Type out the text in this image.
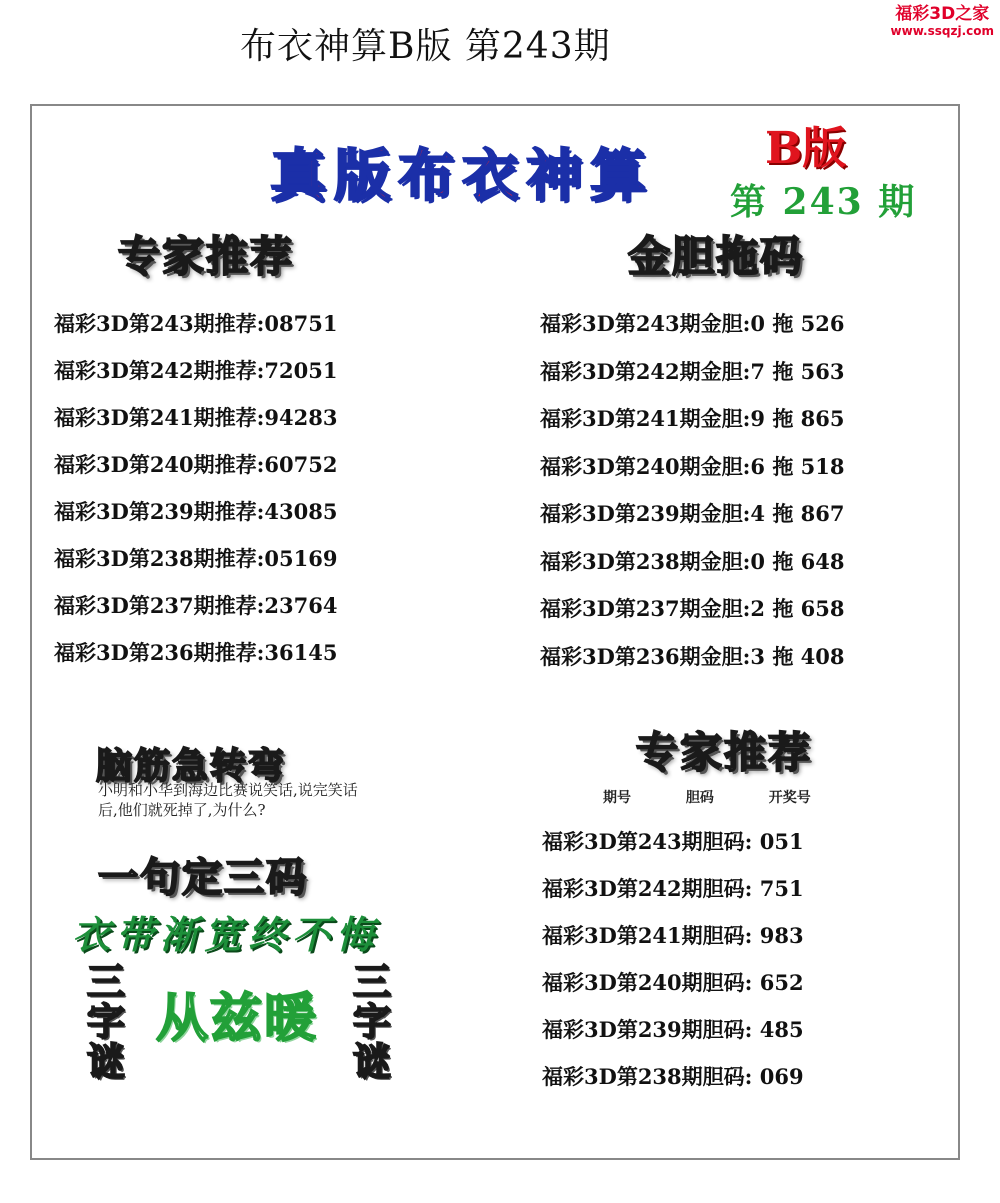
布衣神算B版 第243期
福彩3D之家
www.ssqzj.com
真版布衣神算	B版
第 243 期
专家推荐	金胆拖码
福彩3D第243期推荐:08751
福彩3D第242期推荐:72051
福彩3D第241期推荐:94283
福彩3D第240期推荐:60752
福彩3D第239期推荐:43085
福彩3D第238期推荐:05169
福彩3D第237期推荐:23764
福彩3D第236期推荐:36145
福彩3D第243期金胆:0 拖 526
福彩3D第242期金胆:7 拖 563
福彩3D第241期金胆:9 拖 865
福彩3D第240期金胆:6 拖 518
福彩3D第239期金胆:4 拖 867
福彩3D第238期金胆:0 拖 648
福彩3D第237期金胆:2 拖 658
福彩3D第236期金胆:3 拖 408
脑筋急转弯
小明和小华到海边比赛说笑话,说完笑话后,他们就死掉了,为什么?
专家推荐
期号	胆码	开奖号
福彩3D第243期胆码: 051
福彩3D第242期胆码: 751
福彩3D第241期胆码: 983
福彩3D第240期胆码: 652
福彩3D第239期胆码: 485
福彩3D第238期胆码: 069
一句定三码
衣带渐宽终不悔
从兹暖
三字谜
三字谜
